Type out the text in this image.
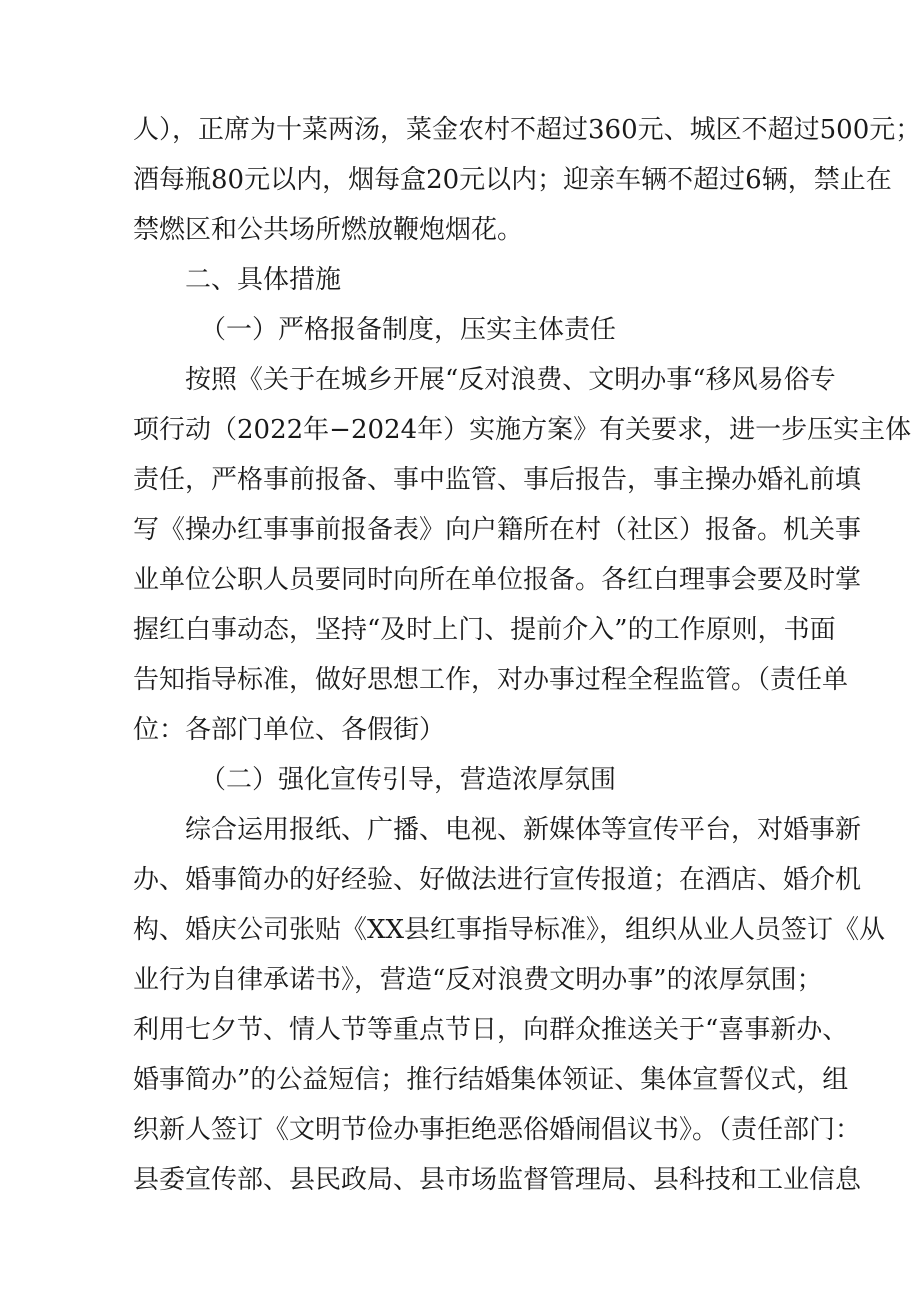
人），正席为十菜两汤，菜金农村不超过360元、城区不超过500元；
酒每瓶80元以内，烟每盒20元以内；迎亲车辆不超过6辆，禁止在
禁燃区和公共场所燃放鞭炮烟花。
二、具体措施
（一）严格报备制度，压实主体责任
按照《关于在城乡开展“反对浪费、文明办事“移风易俗专
项行动（2022年−2024年）实施方案》有关要求，进一步压实主体
责任，严格事前报备、事中监管、事后报告，事主操办婚礼前填
写《操办红事事前报备表》向户籍所在村（社区）报备。机关事
业单位公职人员要同时向所在单位报备。各红白理事会要及时掌
握红白事动态，坚持“及时上门、提前介入”的工作原则，书面
告知指导标准，做好思想工作，对办事过程全程监管。（责任单
位：各部门单位、各假街）
（二）强化宣传引导，营造浓厚氛围
综合运用报纸、广播、电视、新媒体等宣传平台，对婚事新
办、婚事简办的好经验、好做法进行宣传报道；在酒店、婚介机
构、婚庆公司张贴《XX县红事指导标准》，组织从业人员签订《从
业行为自律承诺书》，营造“反对浪费文明办事”的浓厚氛围；
利用七夕节、情人节等重点节日，向群众推送关于“喜事新办、
婚事简办”的公益短信；推行结婚集体领证、集体宣誓仪式，组
织新人签订《文明节俭办事拒绝恶俗婚闹倡议书》。（责任部门：
县委宣传部、县民政局、县市场监督管理局、县科技和工业信息
